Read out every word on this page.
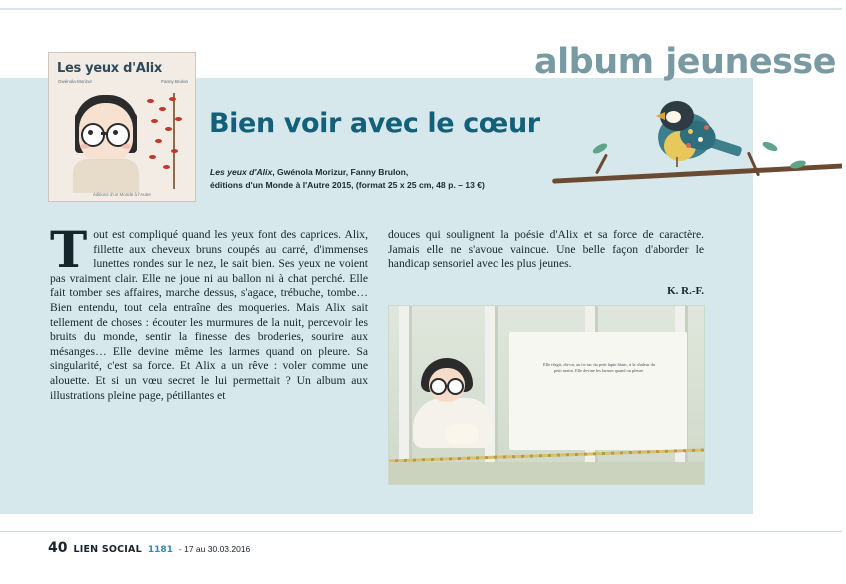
album jeunesse
Les yeux d'Alix
Gwénola Morizur	Fanny Brulon
éditions d'un Monde à l'Autre
Bien voir avec le cœur
Les yeux d'Alix, Gwénola Morizur, Fanny Brulon,
éditions d'un Monde à l'Autre 2015, (format 25 x 25 cm, 48 p. – 13 €)
Tout est compliqué quand les yeux font des caprices. Alix, fillette aux cheveux bruns coupés au carré, d'immenses lunettes rondes sur le nez, le sait bien. Ses yeux ne voient pas vraiment clair. Elle ne joue ni au ballon ni à chat perché. Elle fait tomber ses affaires, marche dessus, s'agace, trébuche, tombe… Bien entendu, tout cela entraîne des moqueries. Mais Alix sait tellement de choses : écouter les murmures de la nuit, percevoir les bruits du monde, sentir la finesse des broderies, sourire aux mésanges… Elle devine même les larmes quand on pleure. Sa singularité, c'est sa force. Et Alix a un rêve : voler comme une alouette. Et si un vœu secret le lui permettait ? Un album aux illustrations pleine page, pétillantes et
douces qui soulignent la poésie d'Alix et sa force de caractère. Jamais elle ne s'avoue vaincue. Une belle façon d'aborder le handicap sensoriel avec les plus jeunes.
K. R.-F.
Elle réagit, dit-on, au tic-tac du petit lapin blanc, à la chaleur du petit matin. Elle devine les larmes quand on pleure.
40 LIEN SOCIAL 1181 - 17 au 30.03.2016
